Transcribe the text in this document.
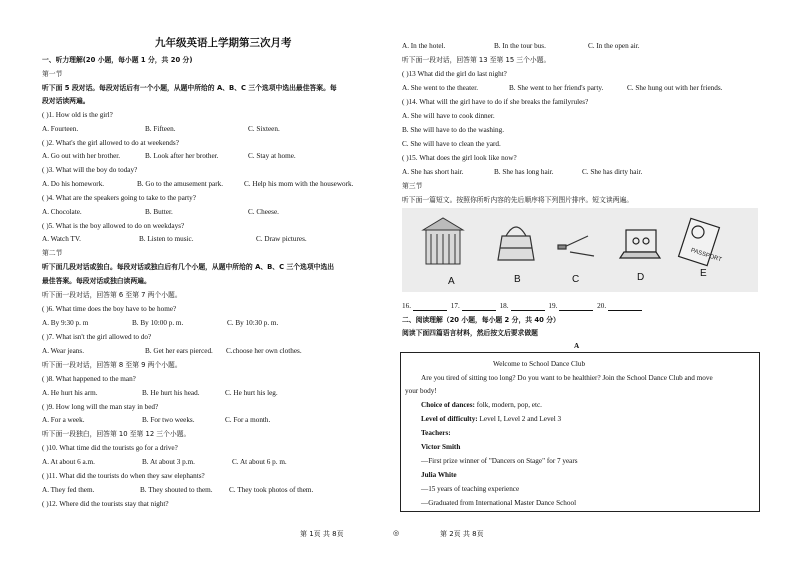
九年级英语上学期第三次月考
一、听力理解(20 小题，每小题 1 分，共 20 分)
第一节
听下面 5 段对话。每段对话后有一个小题，从题中所给的 A、B、C 三个选项中选出最佳答案。每
段对话读两遍。
( )1. How old is the girl?
A. Fourteen.	B. Fifteen.	C. Sixteen.
( )2. What's the girl allowed to do at weekends?
A. Go out with her brother.	B. Look after her brother.	C. Stay at home.
( )3. What will the boy do today?
A. Do his homework.	B. Go to the amusement park.	C. Help his mom with the housework.
( )4. What are the speakers going to take to the party?
A. Chocolate.	B. Butter.	C. Cheese.
( )5. What is the boy allowed to do on weekdays?
A. Watch TV.	B. Listen to music.	C. Draw pictures.
第二节
听下面几段对话或独白。每段对话或独白后有几个小题，从题中所给的 A、B、C 三个选项中选出
最佳答案。每段对话或独白读两遍。
听下面一段对话，回答第 6 至第 7 两个小题。
( )6. What time does the boy have to be home?
A. By 9:30 p. m	B. By 10:00 p. m.	C. By 10:30 p. m.
( )7. What isn't the girl allowed to do?
A. Wear jeans.	B. Get her ears pierced. C.choose her own clothes.
听下面一段对话，回答第 8 至第 9 两个小题。
( )8. What happened to the man?
A. He hurt his arm.	B. He hurt his head.	C. He hurt his leg.
( )9. How long will the man stay in bed?
A. For a week.	B. For two weeks.	C. For a month.
听下面一段独白，回答第 10 至第 12 三个小题。
( )10. What time did the tourists go for a drive?
A. At about 6 a.m.	B. At about 3 p.m.	C. At about 6 p. m.
( )11. What did the tourists do when they saw elephants?
A. They fed them.	B. They shouted to them. C. They took photos of them.
( )12. Where did the tourists stay that night?
A. In the hotel.	B. In the tour bus.	C. In the open air.
听下面一段对话，回答第 13 至第 15 三个小题。
( )13 What did the girl do last night?
A. She went to the theater.	B. She went to her friend's party.	C. She hung out with her friends.
( )14. What will the girl have to do if she breaks the familyrules?
A. She will have to cook dinner.
B. She will have to do the washing.
C. She will have to clean the yard.
( )15. What does the girl look like now?
A. She has short hair.	B. She has long hair.	C. She has dirty hair.
第三节
听下面一篇短文。按照你所听内容的先后顺序将下列图片排序。短文读两遍。
16.	17.	18.	19.	20.
二、阅读理解（20 小题，每小题 2 分，共 40 分）
阅读下面四篇语言材料，然后按文后要求做题
A
PASSPORT
A	B	C	D	E
Welcome to School Dance Club
Are you tired of sitting too long? Do you want to be healthier? Join the School Dance Club and move
your body!
Choice of dances: folk, modern, pop, etc.
Level of difficulty: Level I, Level 2 and Level 3
Teachers:
Victor Smith
—First prize winner of "Dancers on Stage" for 7 years
Julia White
—15 years of teaching experience
—Graduated from International Master Dance School
第 1页 共 8页	◎	第 2页 共 8页
